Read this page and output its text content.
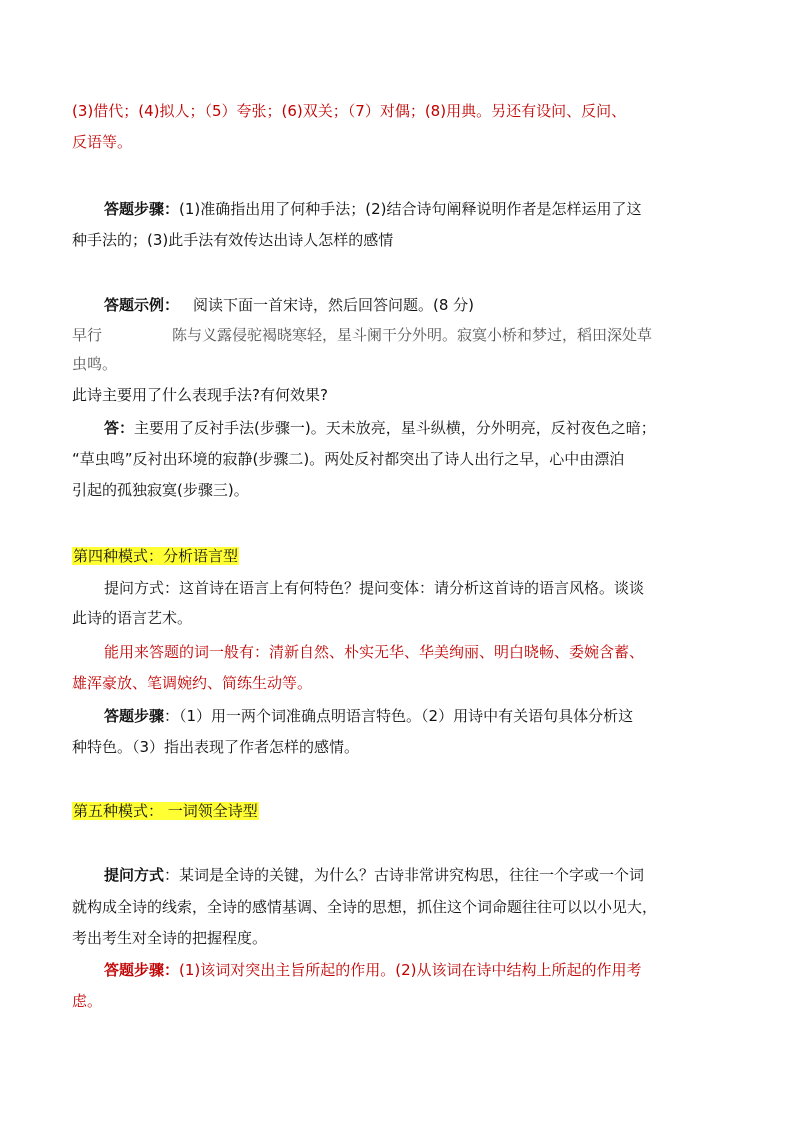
(3)借代；(4)拟人；（5）夸张；(6)双关；（7）对偶；(8)用典。另还有设问、反问、
反语等。
答题步骤：(1)准确指出用了何种手法；(2)结合诗句阐释说明作者是怎样运用了这
种手法的；(3)此手法有效传达出诗人怎样的感情
答题示例： 阅读下面一首宋诗，然后回答问题。(8 分)
早行	陈与义露侵驼褐晓寒轻，星斗阑干分外明。寂寞小桥和梦过，稻田深处草
虫鸣。
此诗主要用了什么表现手法?有何效果?
答：主要用了反衬手法(步骤一)。天未放亮，星斗纵横，分外明亮，反衬夜色之暗；
“草虫鸣”反衬出环境的寂静(步骤二)。两处反衬都突出了诗人出行之早，心中由漂泊
引起的孤独寂寞(步骤三)。
第四种模式：分析语言型
提问方式：这首诗在语言上有何特色？提问变体：请分析这首诗的语言风格。谈谈
此诗的语言艺术。
能用来答题的词一般有：清新自然、朴实无华、华美绚丽、明白晓畅、委婉含蓄、
雄浑豪放、笔调婉约、简练生动等。
答题步骤：（1）用一两个词准确点明语言特色。（2）用诗中有关语句具体分析这
种特色。（3）指出表现了作者怎样的感情。
第五种模式： 一词领全诗型
提问方式：某词是全诗的关键，为什么？古诗非常讲究构思，往往一个字或一个词
就构成全诗的线索，全诗的感情基调、全诗的思想，抓住这个词命题往往可以以小见大，
考出考生对全诗的把握程度。
答题步骤：(1)该词对突出主旨所起的作用。(2)从该词在诗中结构上所起的作用考
虑。
